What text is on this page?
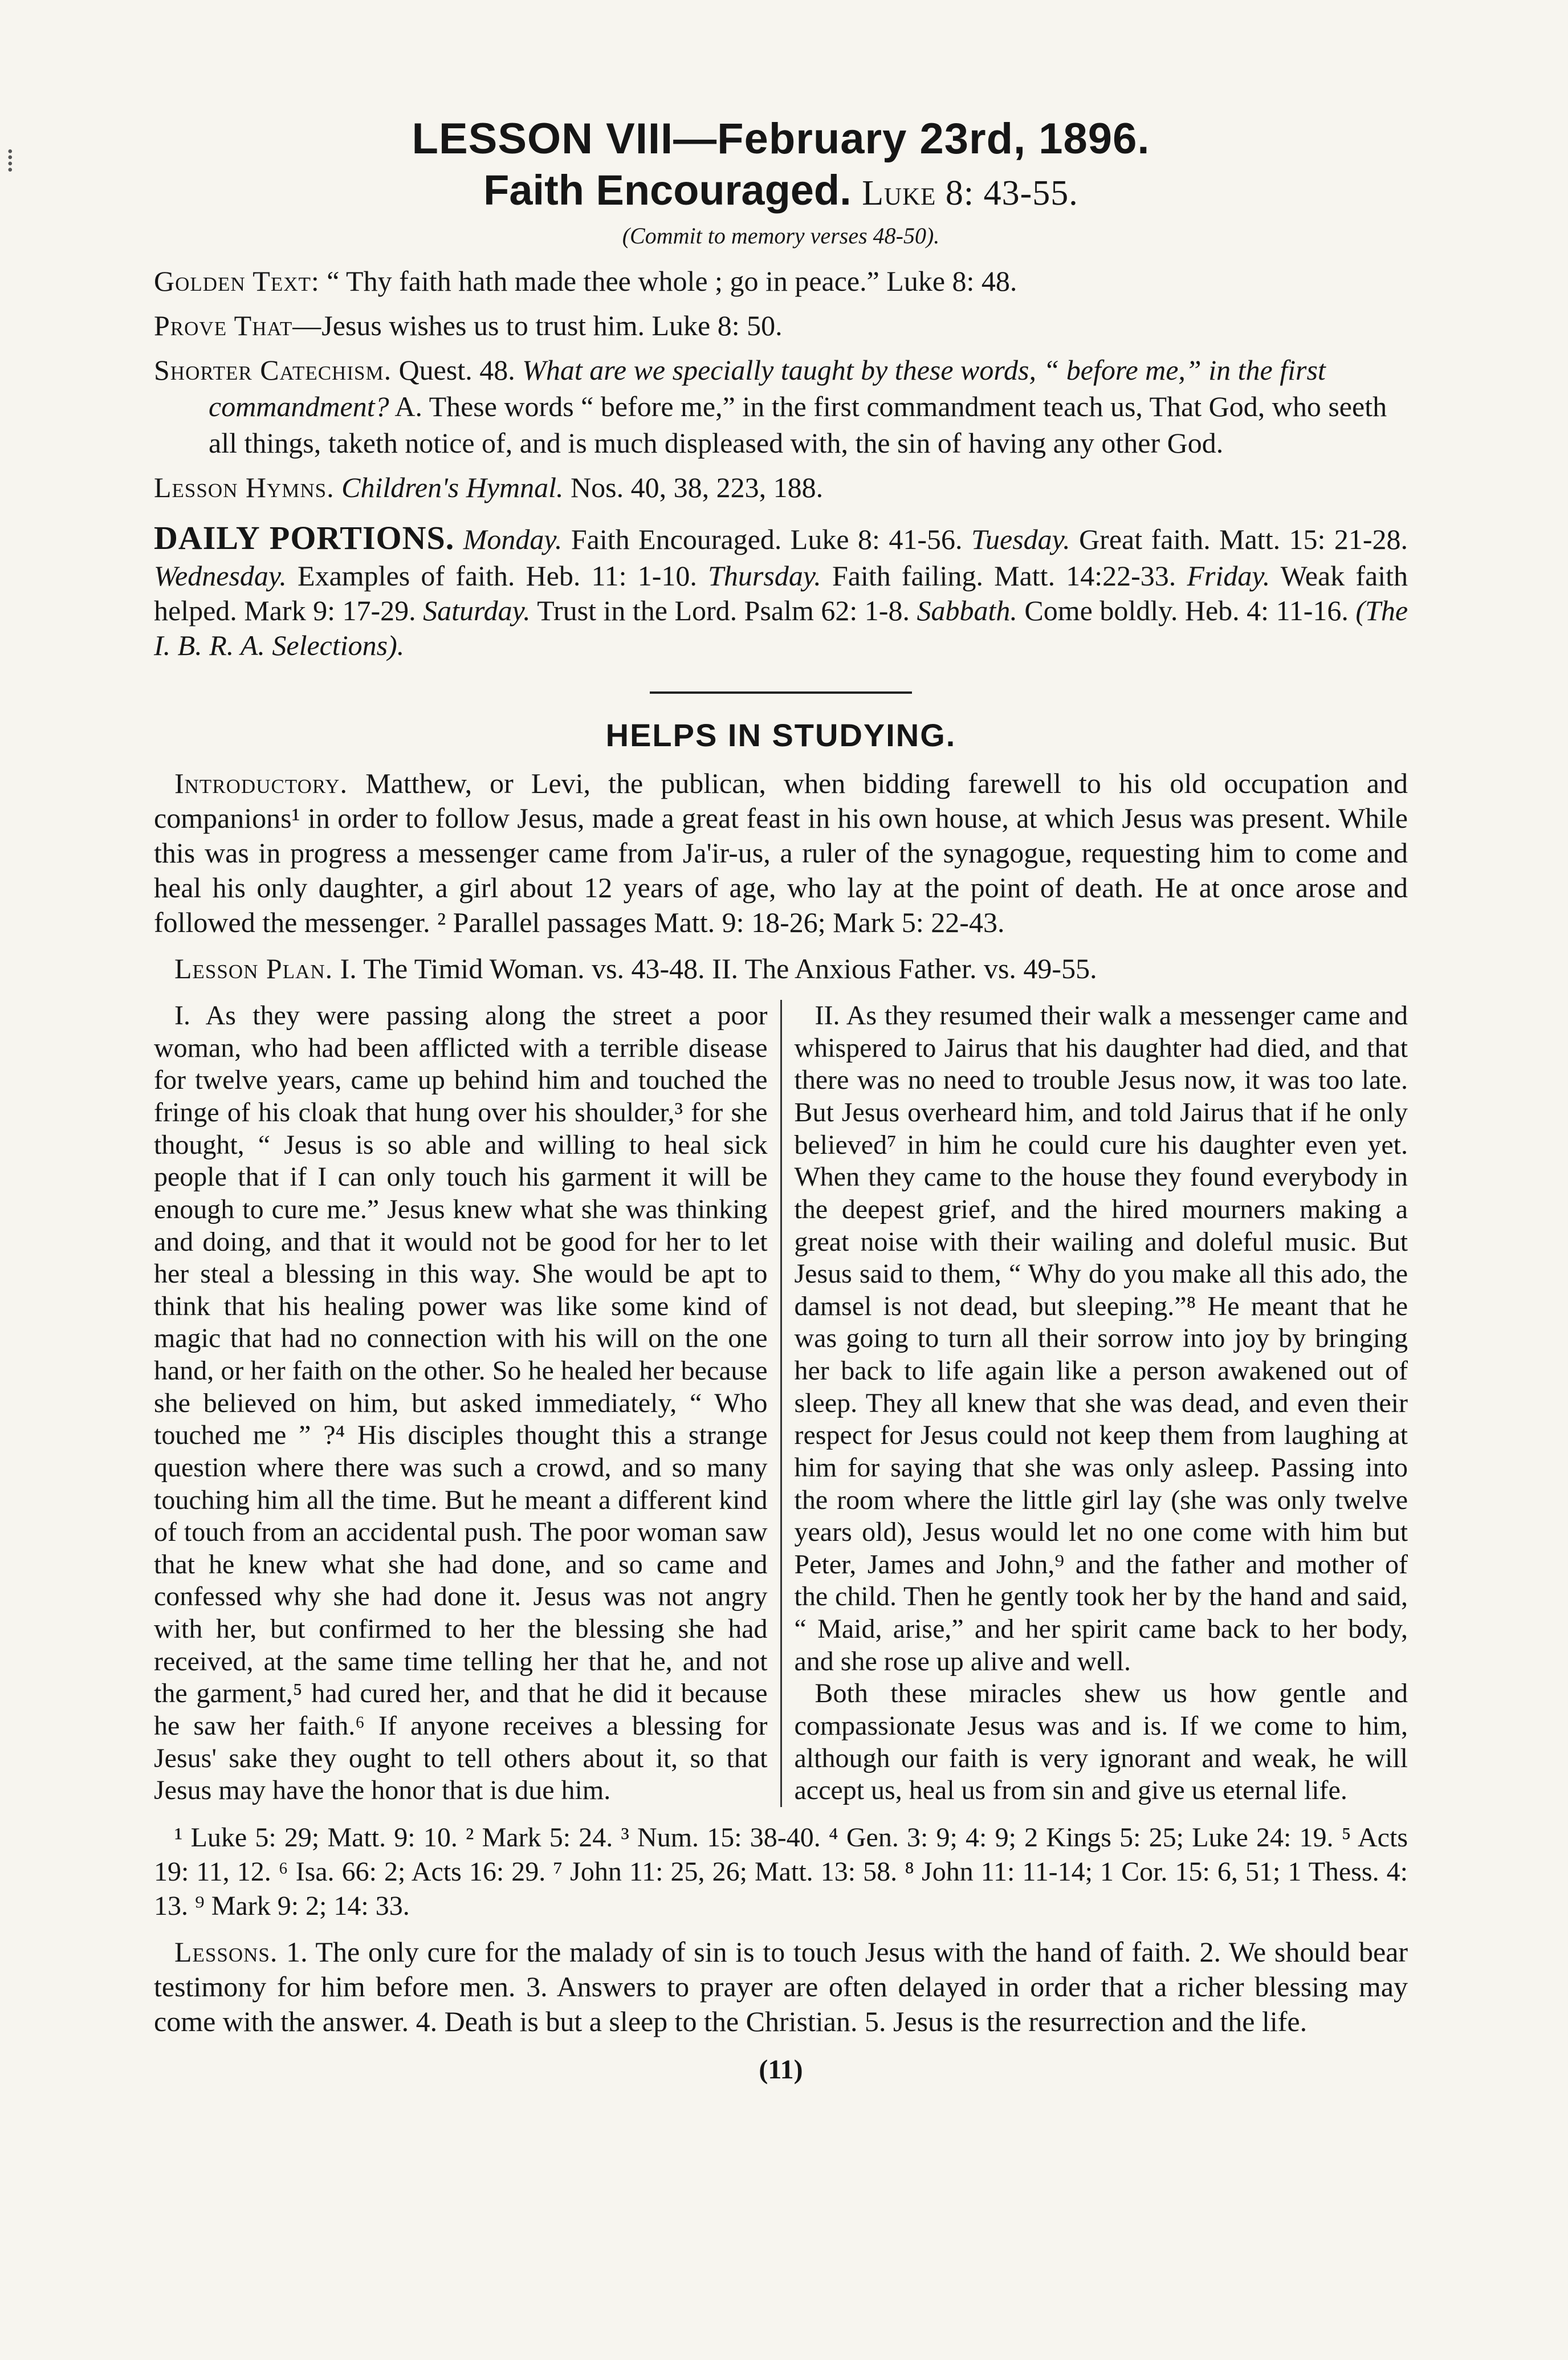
⁞	LESSON VIII—February 23rd, 1896.
Faith Encouraged. Luke 8: 43-55.
(Commit to memory verses 48-50).

Golden Text: “ Thy faith hath made thee whole ; go in peace.” Luke 8: 48.

Prove That—Jesus wishes us to trust him. Luke 8: 50.

Shorter Catechism. Quest. 48. What are we specially taught by these words, “ before me,” in the first commandment? A. These words “ before me,” in the first commandment teach us, That God, who seeth all things, taketh notice of, and is much displeased with, the sin of having any other God.

Lesson Hymns. Children's Hymnal. Nos. 40, 38, 223, 188.

DAILY PORTIONS. Monday. Faith Encouraged. Luke 8: 41-56. Tuesday. Great faith. Matt. 15: 21-28. Wednesday. Examples of faith. Heb. 11: 1-10. Thursday. Faith failing. Matt. 14:22-33. Friday. Weak faith helped. Mark 9: 17-29. Saturday. Trust in the Lord. Psalm 62: 1-8. Sabbath. Come boldly. Heb. 4: 11-16. (The I. B. R. A. Selections).

HELPS IN STUDYING.

Introductory. Matthew, or Levi, the publican, when bidding farewell to his old occupation and companions¹ in order to follow Jesus, made a great feast in his own house, at which Jesus was present. While this was in progress a messenger came from Ja'ir-us, a ruler of the synagogue, requesting him to come and heal his only daughter, a girl about 12 years of age, who lay at the point of death. He at once arose and followed the messenger. ² Parallel passages Matt. 9: 18-26; Mark 5: 22-43.

Lesson Plan. I. The Timid Woman. vs. 43-48. II. The Anxious Father. vs. 49-55.

I. As they were passing along the street a poor woman, who had been afflicted with a terrible disease for twelve years, came up behind him and touched the fringe of his cloak that hung over his shoulder,³ for she thought, “ Jesus is so able and willing to heal sick people that if I can only touch his garment it will be enough to cure me.” Jesus knew what she was thinking and doing, and that it would not be good for her to let her steal a blessing in this way. She would be apt to think that his healing power was like some kind of magic that had no connection with his will on the one hand, or her faith on the other. So he healed her because she believed on him, but asked immediately, “ Who touched me ” ?⁴ His disciples thought this a strange question where there was such a crowd, and so many touching him all the time. But he meant a different kind of touch from an accidental push. The poor woman saw that he knew what she had done, and so came and confessed why she had done it. Jesus was not angry with her, but confirmed to her the blessing she had received, at the same time telling her that he, and not the garment,⁵ had cured her, and that he did it because he saw her faith.⁶ If anyone receives a blessing for Jesus' sake they ought to tell others about it, so that Jesus may have the honor that is due him.
II. As they resumed their walk a messenger came and whispered to Jairus that his daughter had died, and that there was no need to trouble Jesus now, it was too late. But Jesus overheard him, and told Jairus that if he only believed⁷ in him he could cure his daughter even yet. When they came to the house they found everybody in the deepest grief, and the hired mourners making a great noise with their wailing and doleful music. But Jesus said to them, “ Why do you make all this ado, the damsel is not dead, but sleeping.”⁸ He meant that he was going to turn all their sorrow into joy by bringing her back to life again like a person awakened out of sleep. They all knew that she was dead, and even their respect for Jesus could not keep them from laughing at him for saying that she was only asleep. Passing into the room where the little girl lay (she was only twelve years old), Jesus would let no one come with him but Peter, James and John,⁹ and the father and mother of the child. Then he gently took her by the hand and said, “ Maid, arise,” and her spirit came back to her body, and she rose up alive and well.
Both these miracles shew us how gentle and compassionate Jesus was and is. If we come to him, although our faith is very ignorant and weak, he will accept us, heal us from sin and give us eternal life.

¹ Luke 5: 29; Matt. 9: 10. ² Mark 5: 24. ³ Num. 15: 38-40. ⁴ Gen. 3: 9; 4: 9; 2 Kings 5: 25; Luke 24: 19. ⁵ Acts 19: 11, 12. ⁶ Isa. 66: 2; Acts 16: 29. ⁷ John 11: 25, 26; Matt. 13: 58. ⁸ John 11: 11-14; 1 Cor. 15: 6, 51; 1 Thess. 4: 13. ⁹ Mark 9: 2; 14: 33.

Lessons. 1. The only cure for the malady of sin is to touch Jesus with the hand of faith. 2. We should bear testimony for him before men. 3. Answers to prayer are often delayed in order that a richer blessing may come with the answer. 4. Death is but a sleep to the Christian. 5. Jesus is the resurrection and the life.

(11)
